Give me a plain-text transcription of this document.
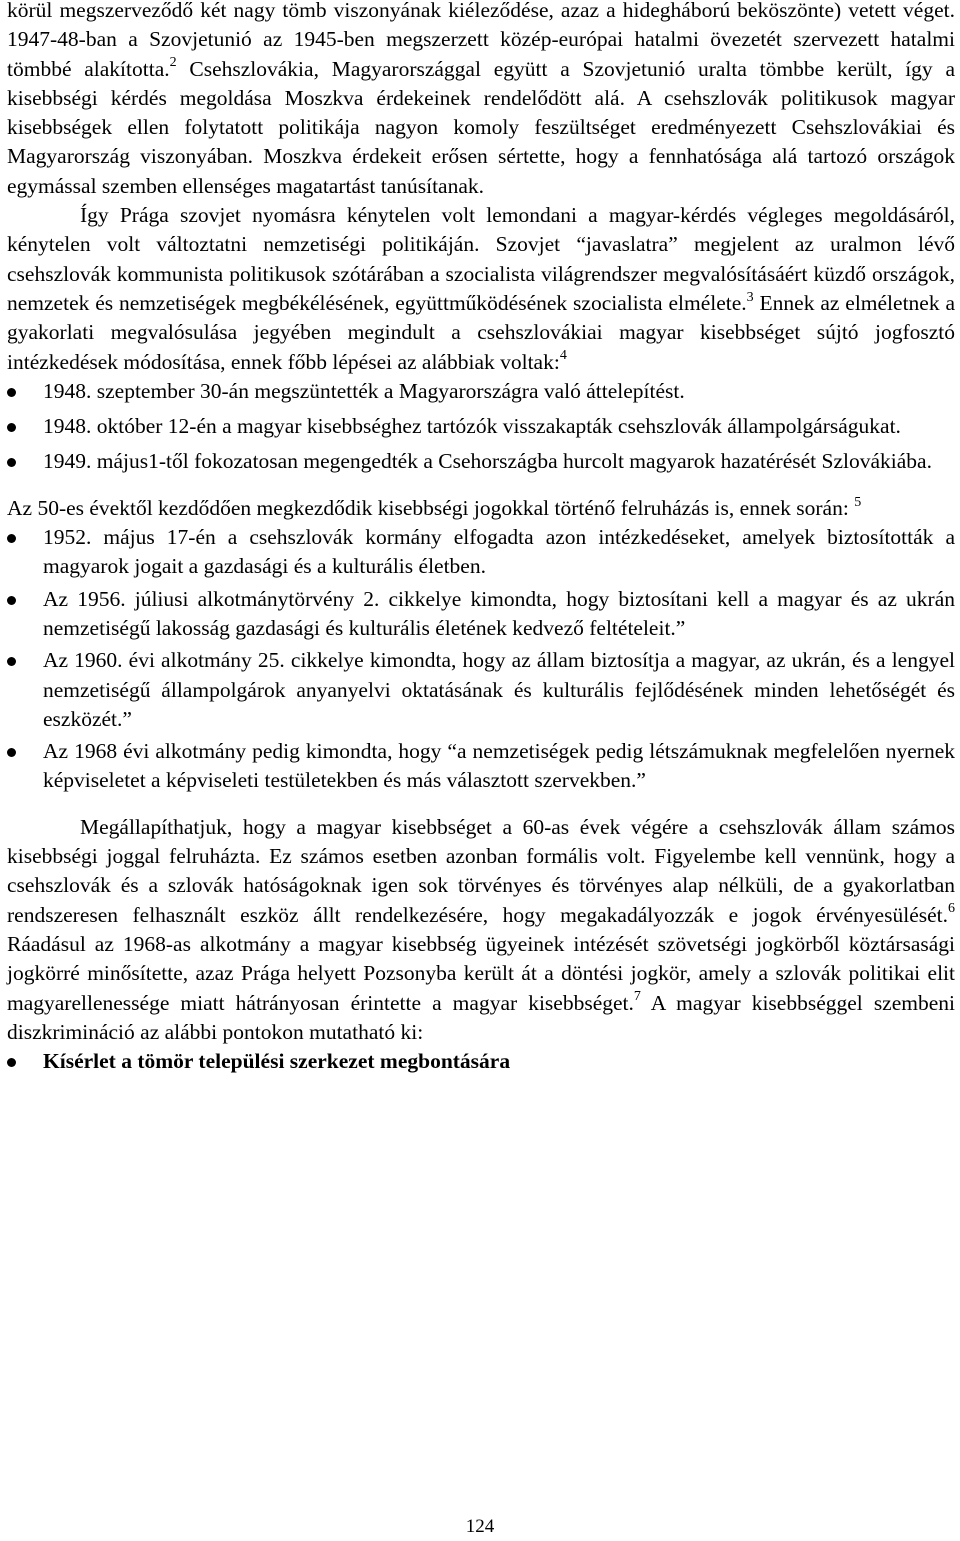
körül megszerveződő két nagy tömb viszonyának kiéleződése, azaz a hidegháború beköszönte) vetett véget. 1947-48-ban a Szovjetunió az 1945-ben megszerzett közép-európai hatalmi övezetét szervezett hatalmi tömbbé alakította.$^2$ Csehszlovákia, Magyarországgal együtt a Szovjetunió uralta tömbbe került, így a kisebbségi kérdés megoldása Moszkva érdekeinek rendelődött alá. A csehszlovák politikusok magyar kisebbségek ellen folytatott politikája nagyon komoly feszültséget eredményezett Csehszlovákiai és Magyarország viszonyában. Moszkva érdekeit erősen sértette, hogy a fennhatósága alá tartozó országok egymással szemben ellenséges magatartást tanúsítanak.

Így Prága szovjet nyomásra kénytelen volt lemondani a magyar-kérdés végleges megoldásáról, kénytelen volt változtatni nemzetiségi politikáján. Szovjet “javaslatra” megjelent az uralmon lévő csehszlovák kommunista politikusok szótárában a szocialista világrendszer megvalósításáért küzdő országok, nemzetek és nemzetiségek megbékélésének, együttműködésének szocialista elmélete.$^3$ Ennek az elméletnek a gyakorlati megvalósulása jegyében megindult a csehszlovákiai magyar kisebbséget sújtó jogfosztó intézkedések módosítása, ennek főbb lépései az alábbiak voltak:$^4$

1948. szeptember 30-án megszüntették a Magyarországra való áttelepítést.
1948. október 12-én a magyar kisebbséghez tartózók visszakapták csehszlovák állampolgárságukat.
1949. május1-től fokozatosan megengedték a Csehországba hurcolt magyarok hazatérését Szlovákiába.

Az 50-es évektől kezdődően megkezdődik kisebbségi jogokkal történő felruházás is, ennek során: $^5$

1952. május 17-én a csehszlovák kormány elfogadta azon intézkedéseket, amelyek biztosították a magyarok jogait a gazdasági és a kulturális életben.
Az 1956. júliusi alkotmánytörvény 2. cikkelye kimondta, hogy biztosítani kell a magyar és az ukrán nemzetiségű lakosság gazdasági és kulturális életének kedvező feltételeit.”
Az 1960. évi alkotmány 25. cikkelye kimondta, hogy az állam biztosítja a magyar, az ukrán, és a lengyel nemzetiségű állampolgárok anyanyelvi oktatásának és kulturális fejlődésének minden lehetőségét és eszközét.”
Az 1968 évi alkotmány pedig kimondta, hogy “a nemzetiségek pedig létszámuknak megfelelően nyernek képviseletet a képviseleti testületekben és más választott szervekben.”

Megállapíthatjuk, hogy a magyar kisebbséget a 60-as évek végére a csehszlovák állam számos kisebbségi joggal felruházta. Ez számos esetben azonban formális volt. Figyelembe kell vennünk, hogy a csehszlovák és a szlovák hatóságoknak igen sok törvényes és törvényes alap nélküli, de a gyakorlatban rendszeresen felhasznált eszköz állt rendelkezésére, hogy megakadályozzák e jogok érvényesülését.$^6$ Ráadásul az 1968-as alkotmány a magyar kisebbség ügyeinek intézését szövetségi jogkörből köztársasági jogkörré minősítette, azaz Prága helyett Pozsonyba került át a döntési jogkör, amely a szlovák politikai elit magyarellenessége miatt hátrányosan érintette a magyar kisebbséget.$^7$ A magyar kisebbséggel szembeni diszkrimináció az alábbi pontokon mutatható ki:

Kísérlet a tömör települési szerkezet megbontására
124
